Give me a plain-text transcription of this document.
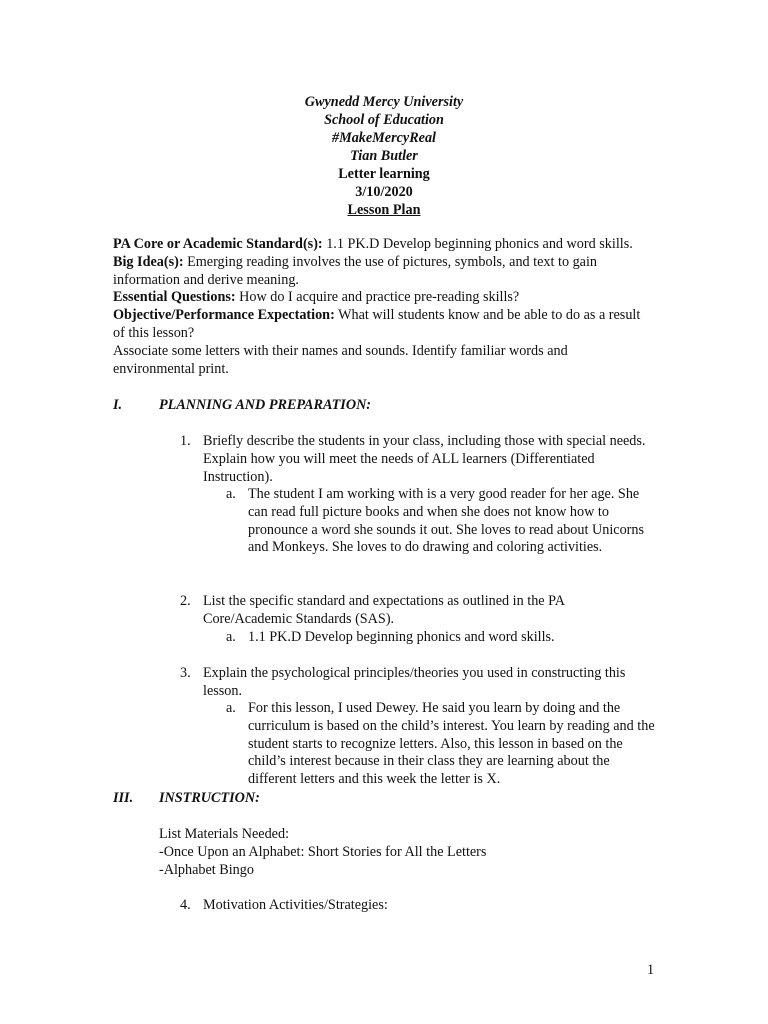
Gwynedd Mercy University
School of Education
#MakeMercyReal
Tian Butler
Letter learning
3/10/2020
Lesson Plan

PA Core or Academic Standard(s): 1.1 PK.D Develop beginning phonics and word skills.

Big Idea(s): Emerging reading involves the use of pictures, symbols, and text to gain information and derive meaning.

Essential Questions: How do I acquire and practice pre-reading skills?

Objective/Performance Expectation: What will students know and be able to do as a result of this lesson?

Associate some letters with their names and sounds. Identify familiar words and environmental print.

I.	PLANNING AND PREPARATION:
1. Briefly describe the students in your class, including those with special needs. Explain how you will meet the needs of ALL learners (Differentiated Instruction).
a. The student I am working with is a very good reader for her age. She can read full picture books and when she does not know how to pronounce a word she sounds it out. She loves to read about Unicorns and Monkeys. She loves to do drawing and coloring activities.
2. List the specific standard and expectations as outlined in the PA Core/Academic Standards (SAS).
a. 1.1 PK.D Develop beginning phonics and word skills.
3. Explain the psychological principles/theories you used in constructing this lesson.
a. For this lesson, I used Dewey. He said you learn by doing and the curriculum is based on the child’s interest. You learn by reading and the student starts to recognize letters. Also, this lesson in based on the child’s interest because in their class they are learning about the different letters and this week the letter is X.
III. INSTRUCTION:
List Materials Needed:
-Once Upon an Alphabet: Short Stories for All the Letters
-Alphabet Bingo
4. Motivation Activities/Strategies:
1
